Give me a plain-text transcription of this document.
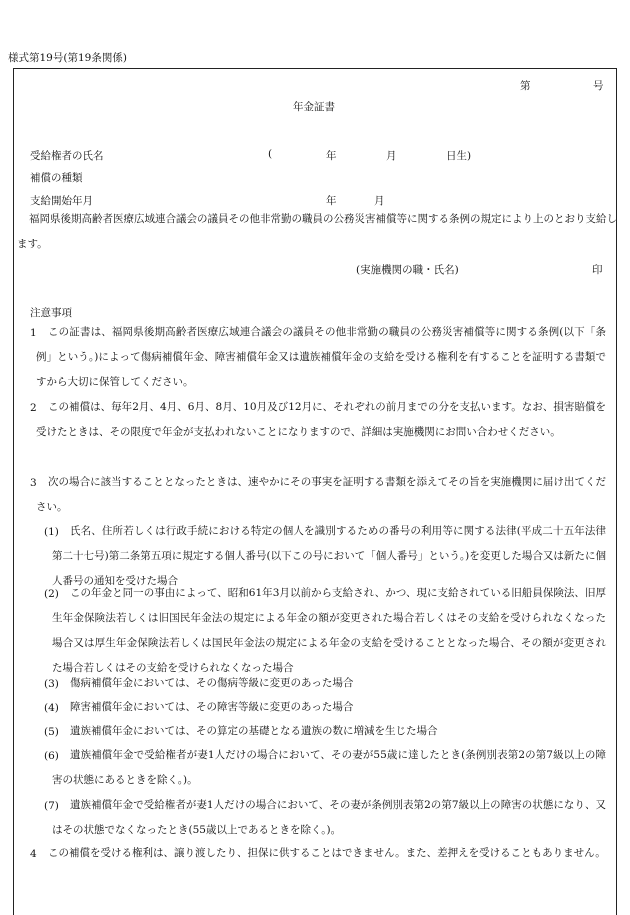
様式第19号(第19条関係)
第	号
年金証書
受給権者の氏名	(	年	月	日生)
補償の種類
支給開始年月	年	月
福岡県後期高齢者医療広域連合議会の議員その他非常勤の職員の公務災害補償等に関する条例の規定により上のとおり支給します。
(実施機関の職・氏名)	印
注意事項
1	この証書は、福岡県後期高齢者医療広域連合議会の議員その他非常勤の職員の公務災害補償等に関する条例(以下「条例」という。)によって傷病補償年金、障害補償年金又は遺族補償年金の支給を受ける権利を有することを証明する書類ですから大切に保管してください。
2	この補償は、毎年2月、4月、6月、8月、10月及び12月に、それぞれの前月までの分を支払います。なお、損害賠償を受けたときは、その限度で年金が支払われないことになりますので、詳細は実施機関にお問い合わせください。
3	次の場合に該当することとなったときは、速やかにその事実を証明する書類を添えてその旨を実施機関に届け出てください。
(1)	氏名、住所若しくは行政手続における特定の個人を識別するための番号の利用等に関する法律(平成二十五年法律第二十七号)第二条第五項に規定する個人番号(以下この号において「個人番号」という。)を変更した場合又は新たに個人番号の通知を受けた場合
(2)	この年金と同一の事由によって、昭和61年3月以前から支給され、かつ、現に支給されている旧船員保険法、旧厚生年金保険法若しくは旧国民年金法の規定による年金の額が変更された場合若しくはその支給を受けられなくなった場合又は厚生年金保険法若しくは国民年金法の規定による年金の支給を受けることとなった場合、その額が変更された場合若しくはその支給を受けられなくなった場合
(3)	傷病補償年金においては、その傷病等級に変更のあった場合
(4)	障害補償年金においては、その障害等級に変更のあった場合
(5)	遺族補償年金においては、その算定の基礎となる遺族の数に増減を生じた場合
(6)	遺族補償年金で受給権者が妻1人だけの場合において、その妻が55歳に達したとき(条例別表第2の第7級以上の障害の状態にあるときを除く。)。
(7)	遺族補償年金で受給権者が妻1人だけの場合において、その妻が条例別表第2の第7級以上の障害の状態になり、又はその状態でなくなったとき(55歳以上であるときを除く。)。
4	この補償を受ける権利は、譲り渡したり、担保に供することはできません。また、差押えを受けることもありません。
